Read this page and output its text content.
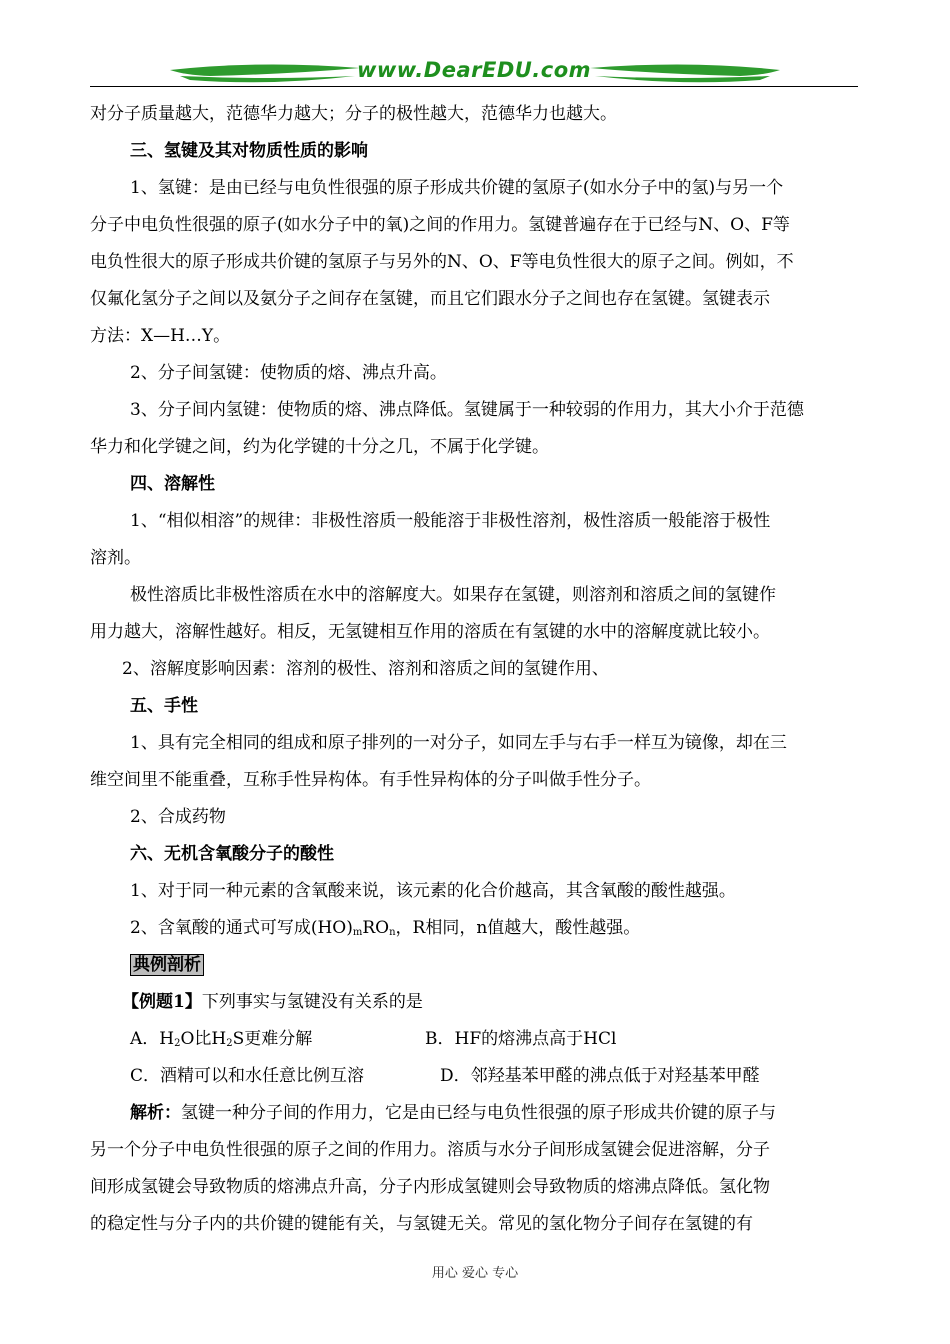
www.DearEDU.com

对分子质量越大，范德华力越大；分子的极性越大，范德华力也越大。

三、氢键及其对物质性质的影响

1、氢键：是由已经与电负性很强的原子形成共价键的氢原子(如水分子中的氢)与另一个

分子中电负性很强的原子(如水分子中的氧)之间的作用力。氢键普遍存在于已经与N、O、F等

电负性很大的原子形成共价键的氢原子与另外的N、O、F等电负性很大的原子之间。例如，不

仅氟化氢分子之间以及氨分子之间存在氢键，而且它们跟水分子之间也存在氢键。氢键表示

方法：X—H…Y。

2、分子间氢键：使物质的熔、沸点升高。

3、分子间内氢键：使物质的熔、沸点降低。氢键属于一种较弱的作用力，其大小介于范德

华力和化学键之间，约为化学键的十分之几，不属于化学键。

四、溶解性

1、“相似相溶”的规律：非极性溶质一般能溶于非极性溶剂，极性溶质一般能溶于极性

溶剂。

极性溶质比非极性溶质在水中的溶解度大。如果存在氢键，则溶剂和溶质之间的氢键作

用力越大，溶解性越好。相反，无氢键相互作用的溶质在有氢键的水中的溶解度就比较小。

2、溶解度影响因素：溶剂的极性、溶剂和溶质之间的氢键作用、

五、手性

1、具有完全相同的组成和原子排列的一对分子，如同左手与右手一样互为镜像，却在三

维空间里不能重叠，互称手性异构体。有手性异构体的分子叫做手性分子。

2、合成药物

六、无机含氧酸分子的酸性

1、对于同一种元素的含氧酸来说，该元素的化合价越高，其含氧酸的酸性越强。

2、含氧酸的通式可写成$(HO)_mRO_n$，R相同，n值越大，酸性越强。

典例剖析

【例题1】下列事实与氢键没有关系的是

A．$H_2O$比$H_2S$更难分解	B．HF的熔沸点高于HCl

C．酒精可以和水任意比例互溶	D．邻羟基苯甲醛的沸点低于对羟基苯甲醛

解析：氢键一种分子间的作用力，它是由已经与电负性很强的原子形成共价键的原子与

另一个分子中电负性很强的原子之间的作用力。溶质与水分子间形成氢键会促进溶解，分子

间形成氢键会导致物质的熔沸点升高，分子内形成氢键则会导致物质的熔沸点降低。氢化物

的稳定性与分子内的共价键的键能有关，与氢键无关。常见的氢化物分子间存在氢键的有

用心 爱心 专心
